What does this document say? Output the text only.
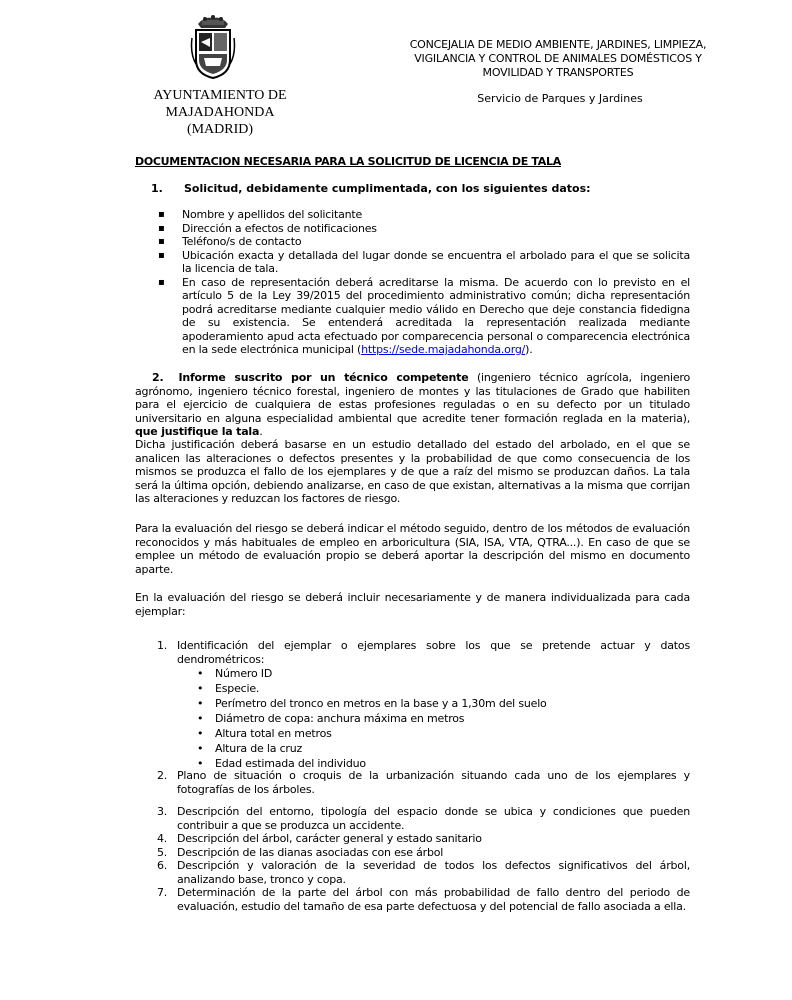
AYUNTAMIENTO DE
MAJADAHONDA
(MADRID)
CONCEJALIA DE MEDIO AMBIENTE, JARDINES, LIMPIEZA,
VIGILANCIA Y CONTROL DE ANIMALES DOMÉSTICOS Y
MOVILIDAD Y TRANSPORTES
Servicio de Parques y Jardines
DOCUMENTACION NECESARIA PARA LA SOLICITUD DE LICENCIA DE TALA
1. Solicitud, debidamente cumplimentada, con los siguientes datos:
▪ Nombre y apellidos del solicitante
▪ Dirección a efectos de notificaciones
▪ Teléfono/s de contacto
▪ Ubicación exacta y detallada del lugar donde se encuentra el arbolado para el que se solicita la licencia de tala.
▪ En caso de representación deberá acreditarse la misma. De acuerdo con lo previsto en el artículo 5 de la Ley 39/2015 del procedimiento administrativo común; dicha representación podrá acreditarse mediante cualquier medio válido en Derecho que deje constancia fidedigna de su existencia. Se entenderá acreditada la representación realizada mediante apoderamiento apud acta efectuado por comparecencia personal o comparecencia electrónica en la sede electrónica municipal (https://sede.majadahonda.org/).
2. Informe suscrito por un técnico competente (ingeniero técnico agrícola, ingeniero agrónomo, ingeniero técnico forestal, ingeniero de montes y las titulaciones de Grado que habiliten para el ejercicio de cualquiera de estas profesiones reguladas o en su defecto por un titulado universitario en alguna especialidad ambiental que acredite tener formación reglada en la materia), que justifique la tala.
Dicha justificación deberá basarse en un estudio detallado del estado del arbolado, en el que se analicen las alteraciones o defectos presentes y la probabilidad de que como consecuencia de los mismos se produzca el fallo de los ejemplares y de que a raíz del mismo se produzcan daños. La tala será la última opción, debiendo analizarse, en caso de que existan, alternativas a la misma que corrijan las alteraciones y reduzcan los factores de riesgo.
Para la evaluación del riesgo se deberá indicar el método seguido, dentro de los métodos de evaluación reconocidos y más habituales de empleo en arboricultura (SIA, ISA, VTA, QTRA...). En caso de que se emplee un método de evaluación propio se deberá aportar la descripción del mismo en documento aparte.
En la evaluación del riesgo se deberá incluir necesariamente y de manera individualizada para cada ejemplar:
1. Identificación del ejemplar o ejemplares sobre los que se pretende actuar y datos dendrométricos:
• Número ID
• Especie.
• Perímetro del tronco en metros en la base y a 1,30m del suelo
• Diámetro de copa: anchura máxima en metros
• Altura total en metros
• Altura de la cruz
• Edad estimada del individuo
2. Plano de situación o croquis de la urbanización situando cada uno de los ejemplares y fotografías de los árboles.
3. Descripción del entorno, tipología del espacio donde se ubica y condiciones que pueden contribuir a que se produzca un accidente.
4. Descripción del árbol, carácter general y estado sanitario
5. Descripción de las dianas asociadas con ese árbol
6. Descripción y valoración de la severidad de todos los defectos significativos del árbol, analizando base, tronco y copa.
7. Determinación de la parte del árbol con más probabilidad de fallo dentro del periodo de evaluación, estudio del tamaño de esa parte defectuosa y del potencial de fallo asociada a ella.
